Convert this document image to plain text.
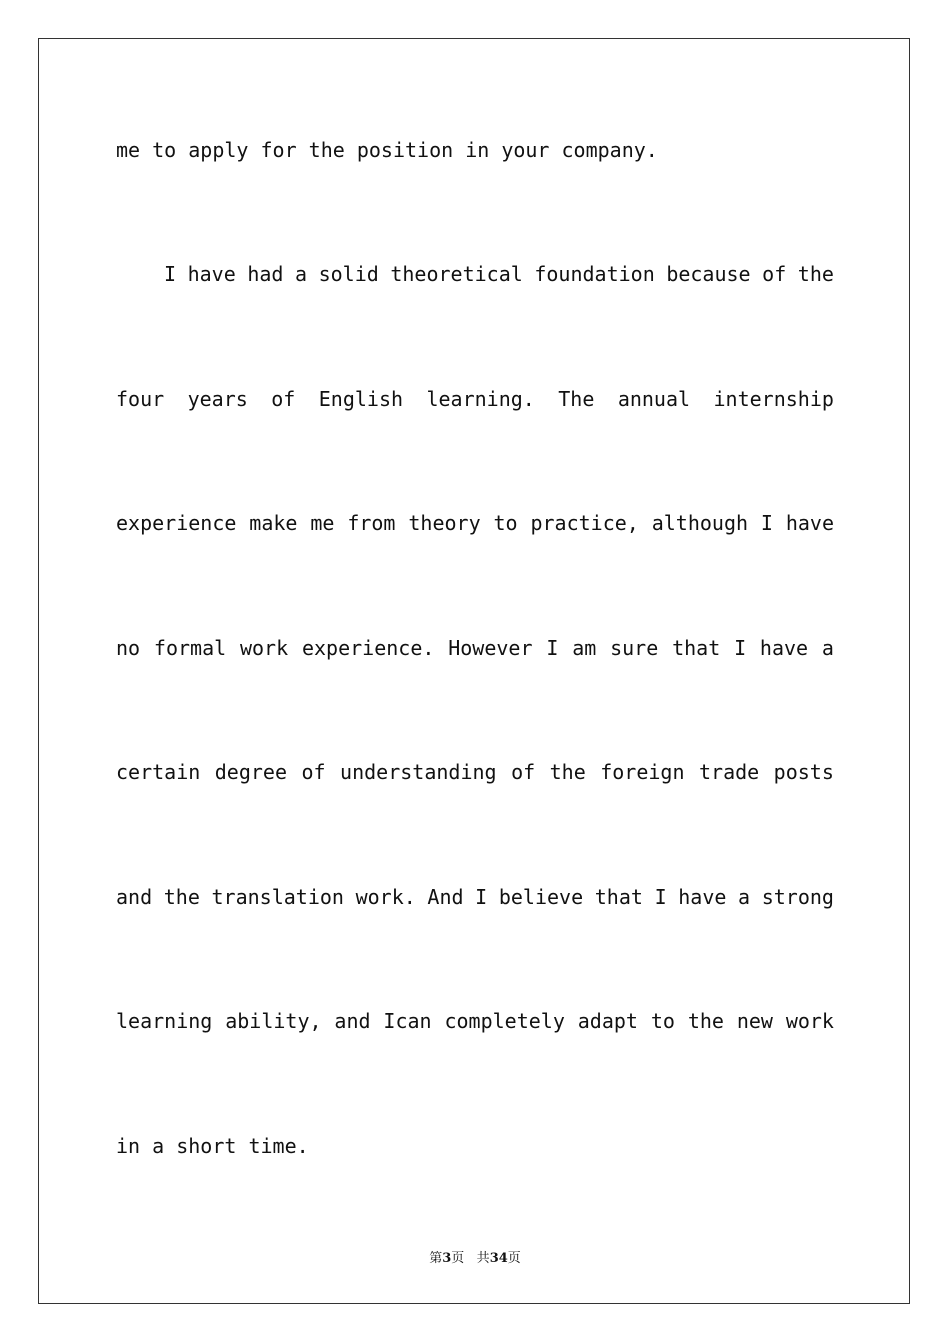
me to apply for the position in your company.
I have had a solid theoretical foundation because of the
four years of English learning. The annual internship
experience make me from theory to practice, although I have
no formal work experience. However I am sure that I have a
certain degree of understanding of the foreign trade posts
and the translation work. And I believe that I have a strong
learning ability, and Ican completely adapt to the new work
in a short time.
第3页 共34页
